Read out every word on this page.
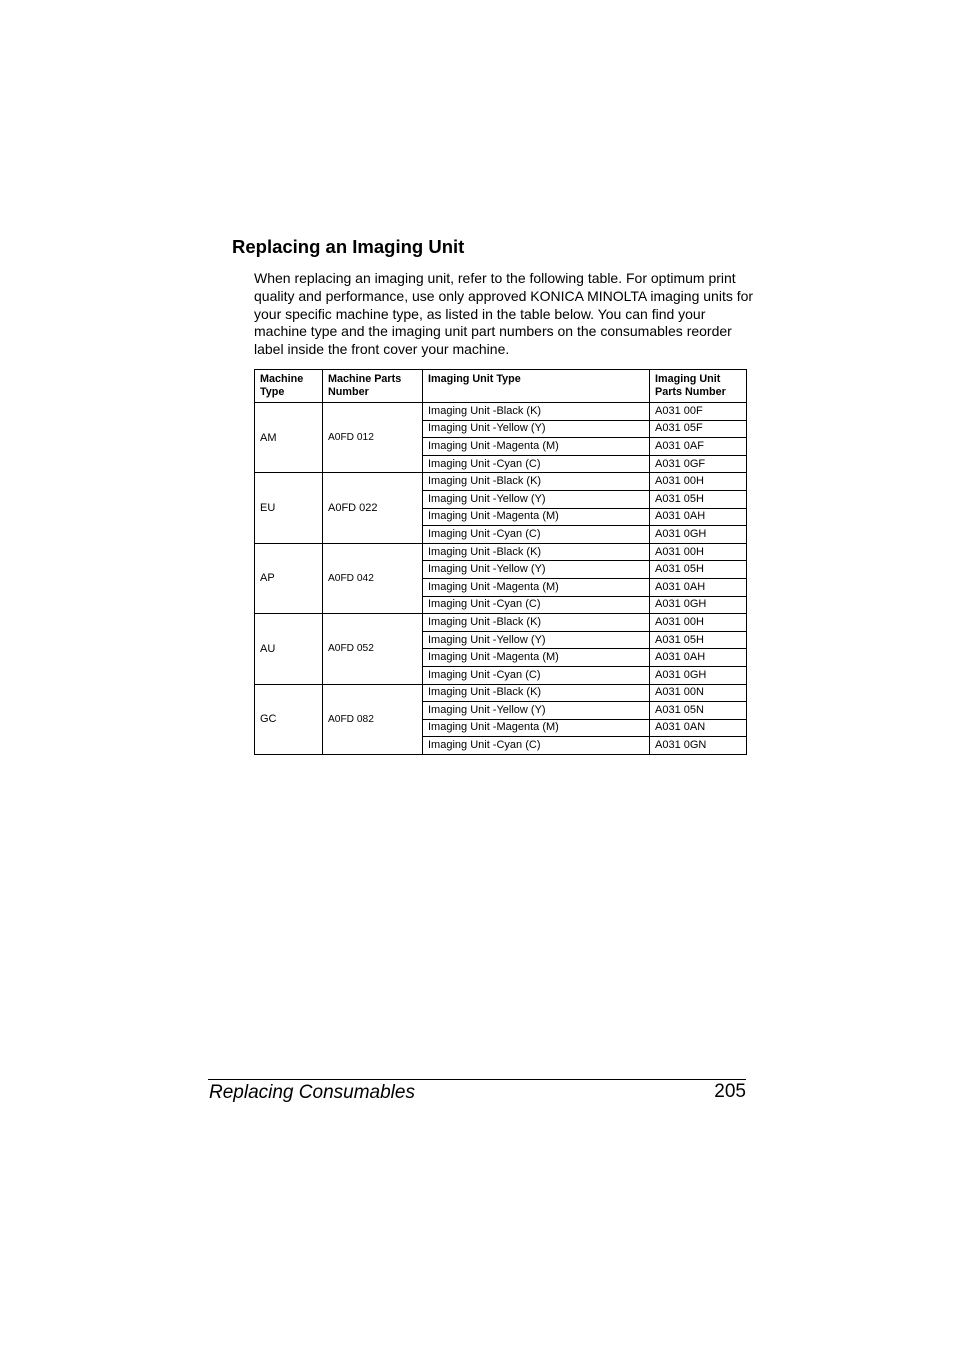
Replacing an Imaging Unit

When replacing an imaging unit, refer to the following table. For optimum print quality and performance, use only approved KONICA MINOLTA imaging units for your specific machine type, as listed in the table below. You can find your machine type and the imaging unit part numbers on the consumables reorder label inside the front cover your machine.

Machine Type	Machine Parts Number	Imaging Unit Type	Imaging Unit Parts Number
AM	A0FD 012	Imaging Unit -Black (K)	A031 00F
		Imaging Unit -Yellow (Y)	A031 05F
		Imaging Unit -Magenta (M)	A031 0AF
		Imaging Unit -Cyan (C)	A031 0GF
EU	A0FD 022	Imaging Unit -Black (K)	A031 00H
		Imaging Unit -Yellow (Y)	A031 05H
		Imaging Unit -Magenta (M)	A031 0AH
		Imaging Unit -Cyan (C)	A031 0GH
AP	A0FD 042	Imaging Unit -Black (K)	A031 00H
		Imaging Unit -Yellow (Y)	A031 05H
		Imaging Unit -Magenta (M)	A031 0AH
		Imaging Unit -Cyan (C)	A031 0GH
AU	A0FD 052	Imaging Unit -Black (K)	A031 00H
		Imaging Unit -Yellow (Y)	A031 05H
		Imaging Unit -Magenta (M)	A031 0AH
		Imaging Unit -Cyan (C)	A031 0GH
GC	A0FD 082	Imaging Unit -Black (K)	A031 00N
		Imaging Unit -Yellow (Y)	A031 05N
		Imaging Unit -Magenta (M)	A031 0AN
		Imaging Unit -Cyan (C)	A031 0GN
Replacing Consumables	205
